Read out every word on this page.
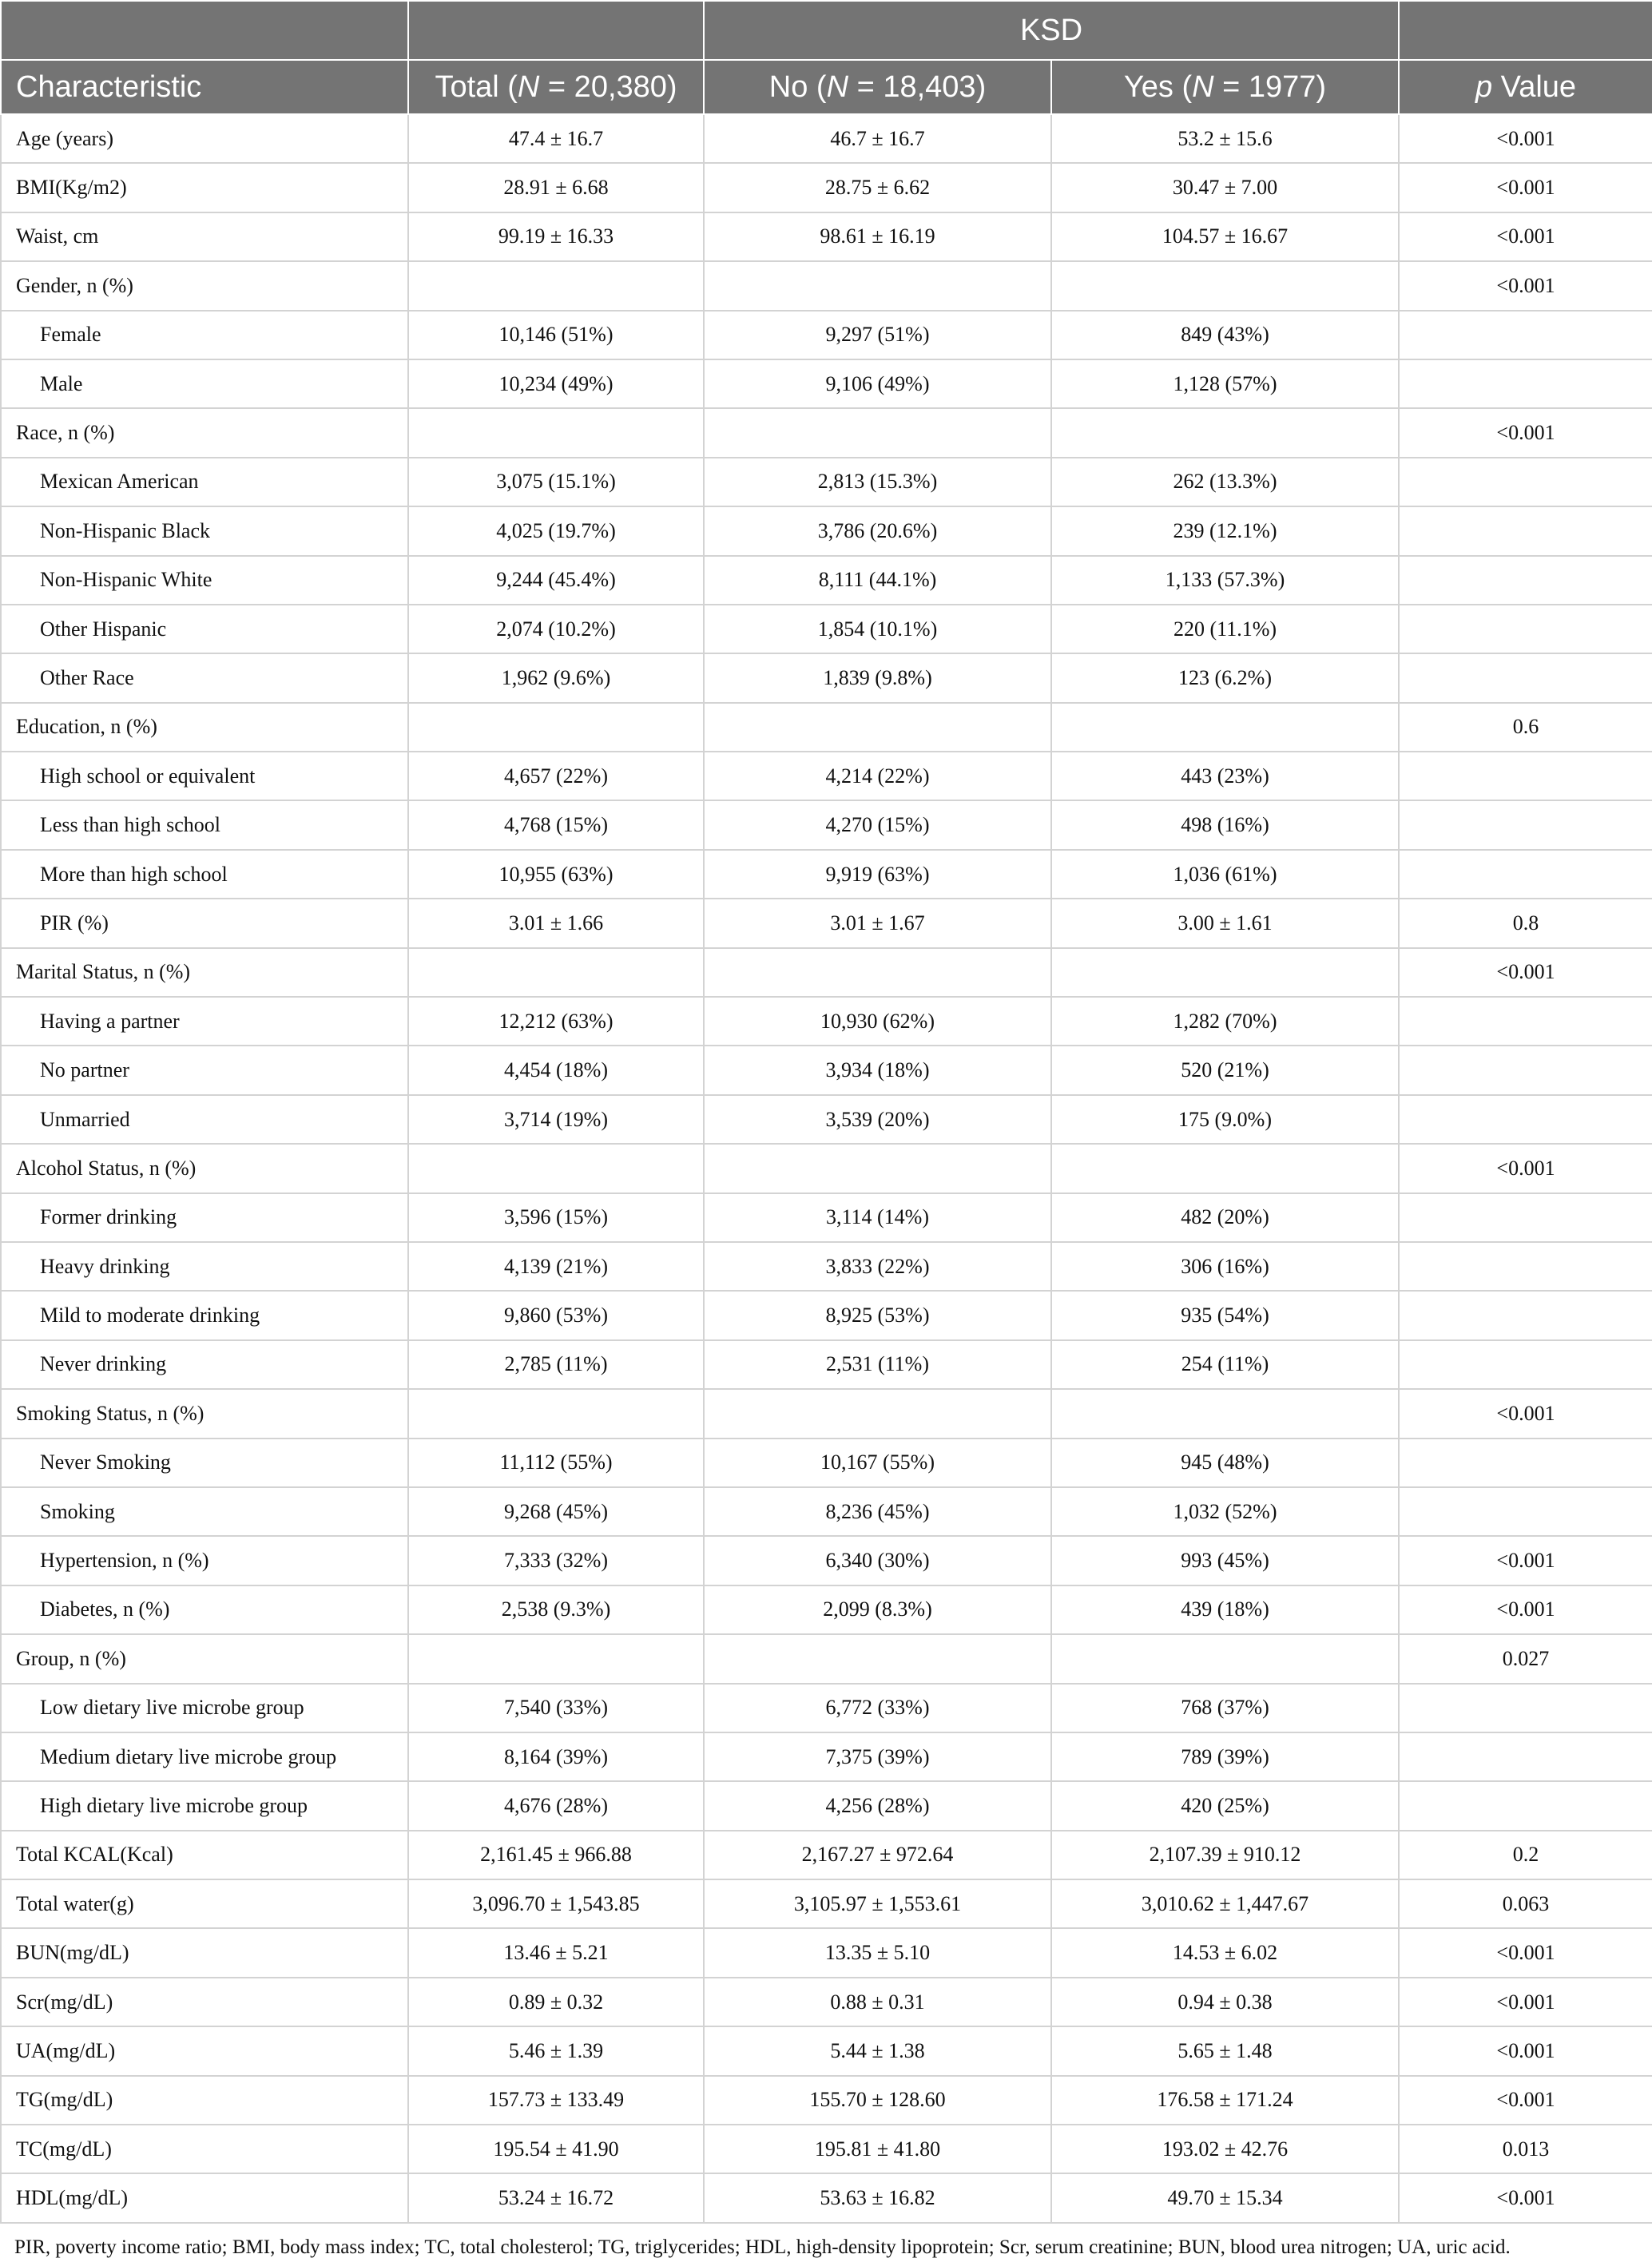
		KSD		
Characteristic	Total (N = 20,380)	No (N = 18,403)	Yes (N = 1977)	p Value
Age (years)	47.4 ± 16.7	46.7 ± 16.7	53.2 ± 15.6	<0.001
BMI(Kg/m2)	28.91 ± 6.68	28.75 ± 6.62	30.47 ± 7.00	<0.001
Waist, cm	99.19 ± 16.33	98.61 ± 16.19	104.57 ± 16.67	<0.001
Gender, n (%)				<0.001
Female	10,146 (51%)	9,297 (51%)	849 (43%)	
Male	10,234 (49%)	9,106 (49%)	1,128 (57%)	
Race, n (%)				<0.001
Mexican American	3,075 (15.1%)	2,813 (15.3%)	262 (13.3%)	
Non-Hispanic Black	4,025 (19.7%)	3,786 (20.6%)	239 (12.1%)	
Non-Hispanic White	9,244 (45.4%)	8,111 (44.1%)	1,133 (57.3%)	
Other Hispanic	2,074 (10.2%)	1,854 (10.1%)	220 (11.1%)	
Other Race	1,962 (9.6%)	1,839 (9.8%)	123 (6.2%)	
Education, n (%)				0.6
High school or equivalent	4,657 (22%)	4,214 (22%)	443 (23%)	
Less than high school	4,768 (15%)	4,270 (15%)	498 (16%)	
More than high school	10,955 (63%)	9,919 (63%)	1,036 (61%)	
PIR (%)	3.01 ± 1.66	3.01 ± 1.67	3.00 ± 1.61	0.8
Marital Status, n (%)				<0.001
Having a partner	12,212 (63%)	10,930 (62%)	1,282 (70%)	
No partner	4,454 (18%)	3,934 (18%)	520 (21%)	
Unmarried	3,714 (19%)	3,539 (20%)	175 (9.0%)	
Alcohol Status, n (%)				<0.001
Former drinking	3,596 (15%)	3,114 (14%)	482 (20%)	
Heavy drinking	4,139 (21%)	3,833 (22%)	306 (16%)	
Mild to moderate drinking	9,860 (53%)	8,925 (53%)	935 (54%)	
Never drinking	2,785 (11%)	2,531 (11%)	254 (11%)	
Smoking Status, n (%)				<0.001
Never Smoking	11,112 (55%)	10,167 (55%)	945 (48%)	
Smoking	9,268 (45%)	8,236 (45%)	1,032 (52%)	
Hypertension, n (%)	7,333 (32%)	6,340 (30%)	993 (45%)	<0.001
Diabetes, n (%)	2,538 (9.3%)	2,099 (8.3%)	439 (18%)	<0.001
Group, n (%)				0.027
Low dietary live microbe group	7,540 (33%)	6,772 (33%)	768 (37%)	
Medium dietary live microbe group	8,164 (39%)	7,375 (39%)	789 (39%)	
High dietary live microbe group	4,676 (28%)	4,256 (28%)	420 (25%)	
Total KCAL(Kcal)	2,161.45 ± 966.88	2,167.27 ± 972.64	2,107.39 ± 910.12	0.2
Total water(g)	3,096.70 ± 1,543.85	3,105.97 ± 1,553.61	3,010.62 ± 1,447.67	0.063
BUN(mg/dL)	13.46 ± 5.21	13.35 ± 5.10	14.53 ± 6.02	<0.001
Scr(mg/dL)	0.89 ± 0.32	0.88 ± 0.31	0.94 ± 0.38	<0.001
UA(mg/dL)	5.46 ± 1.39	5.44 ± 1.38	5.65 ± 1.48	<0.001
TG(mg/dL)	157.73 ± 133.49	155.70 ± 128.60	176.58 ± 171.24	<0.001
TC(mg/dL)	195.54 ± 41.90	195.81 ± 41.80	193.02 ± 42.76	0.013
HDL(mg/dL)	53.24 ± 16.72	53.63 ± 16.82	49.70 ± 15.34	<0.001
PIR, poverty income ratio; BMI, body mass index; TC, total cholesterol; TG, triglycerides; HDL, high-density lipoprotein; Scr, serum creatinine; BUN, blood urea nitrogen; UA, uric acid.
